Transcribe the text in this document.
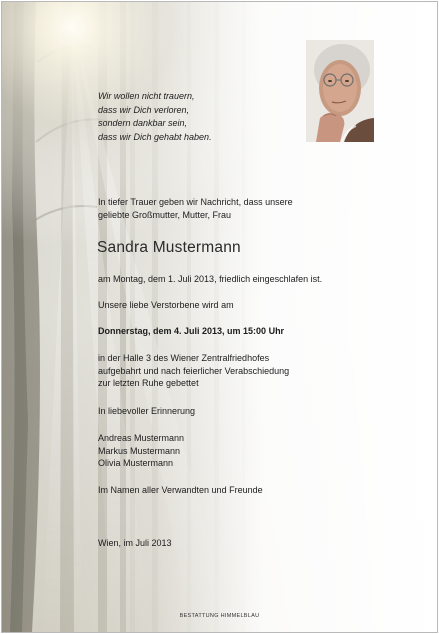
Wir wollen nicht trauern,
dass wir Dich verloren,
sondern dankbar sein,
dass wir Dich gehabt haben.
In tiefer Trauer geben wir Nachricht, dass unsere
geliebte Großmutter, Mutter, Frau
Sandra Mustermann
am Montag, dem 1. Juli 2013, friedlich eingeschlafen ist.
Unsere liebe Verstorbene wird am
Donnerstag, dem 4. Juli 2013, um 15:00 Uhr
in der Halle 3 des Wiener Zentralfriedhofes
aufgebahrt und nach feierlicher Verabschiedung
zur letzten Ruhe gebettet
In liebevoller Erinnerung
Andreas Mustermann
Markus Mustermann
Olivia Mustermann
Im Namen aller Verwandten und Freunde
Wien, im Juli 2013
BESTATTUNG HIMMELBLAU
